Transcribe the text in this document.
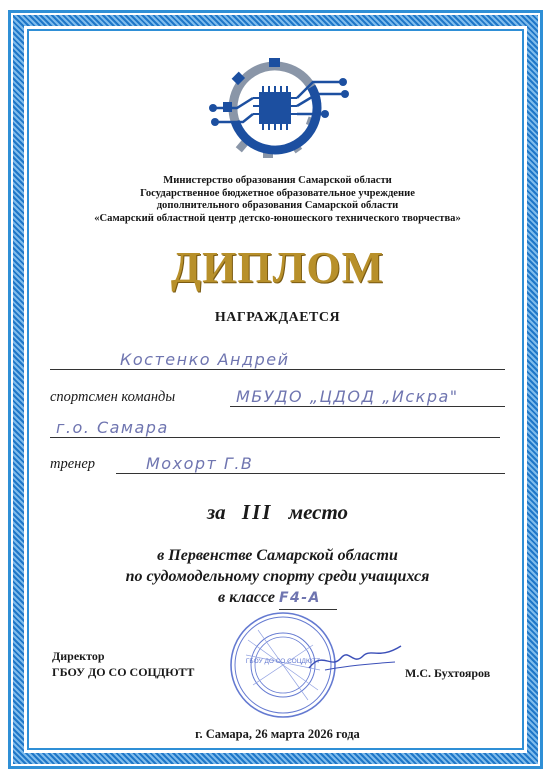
Министерство образования Самарской области
Государственное бюджетное образовательное учреждение
дополнительного образования Самарской области
«Самарский областной центр детско-юношеского технического творчества»
ДИПЛОМ
НАГРАЖДАЕТСЯ
Костенко Андрей
спортсмен команды	МБУДО „ЦДОД „Искра"
г.о. Самара
тренер	Мохорт Г.В
за III место
в Первенстве Самарской области
по судомодельному спорту среди учащихся
в классе F4-A
ГБОУ ДО СО СОЦДЮТТ
Директор
ГБОУ ДО СО СОЦДЮТТ	М.С. Бухтояров
г. Самара, 26 марта 2026 года
